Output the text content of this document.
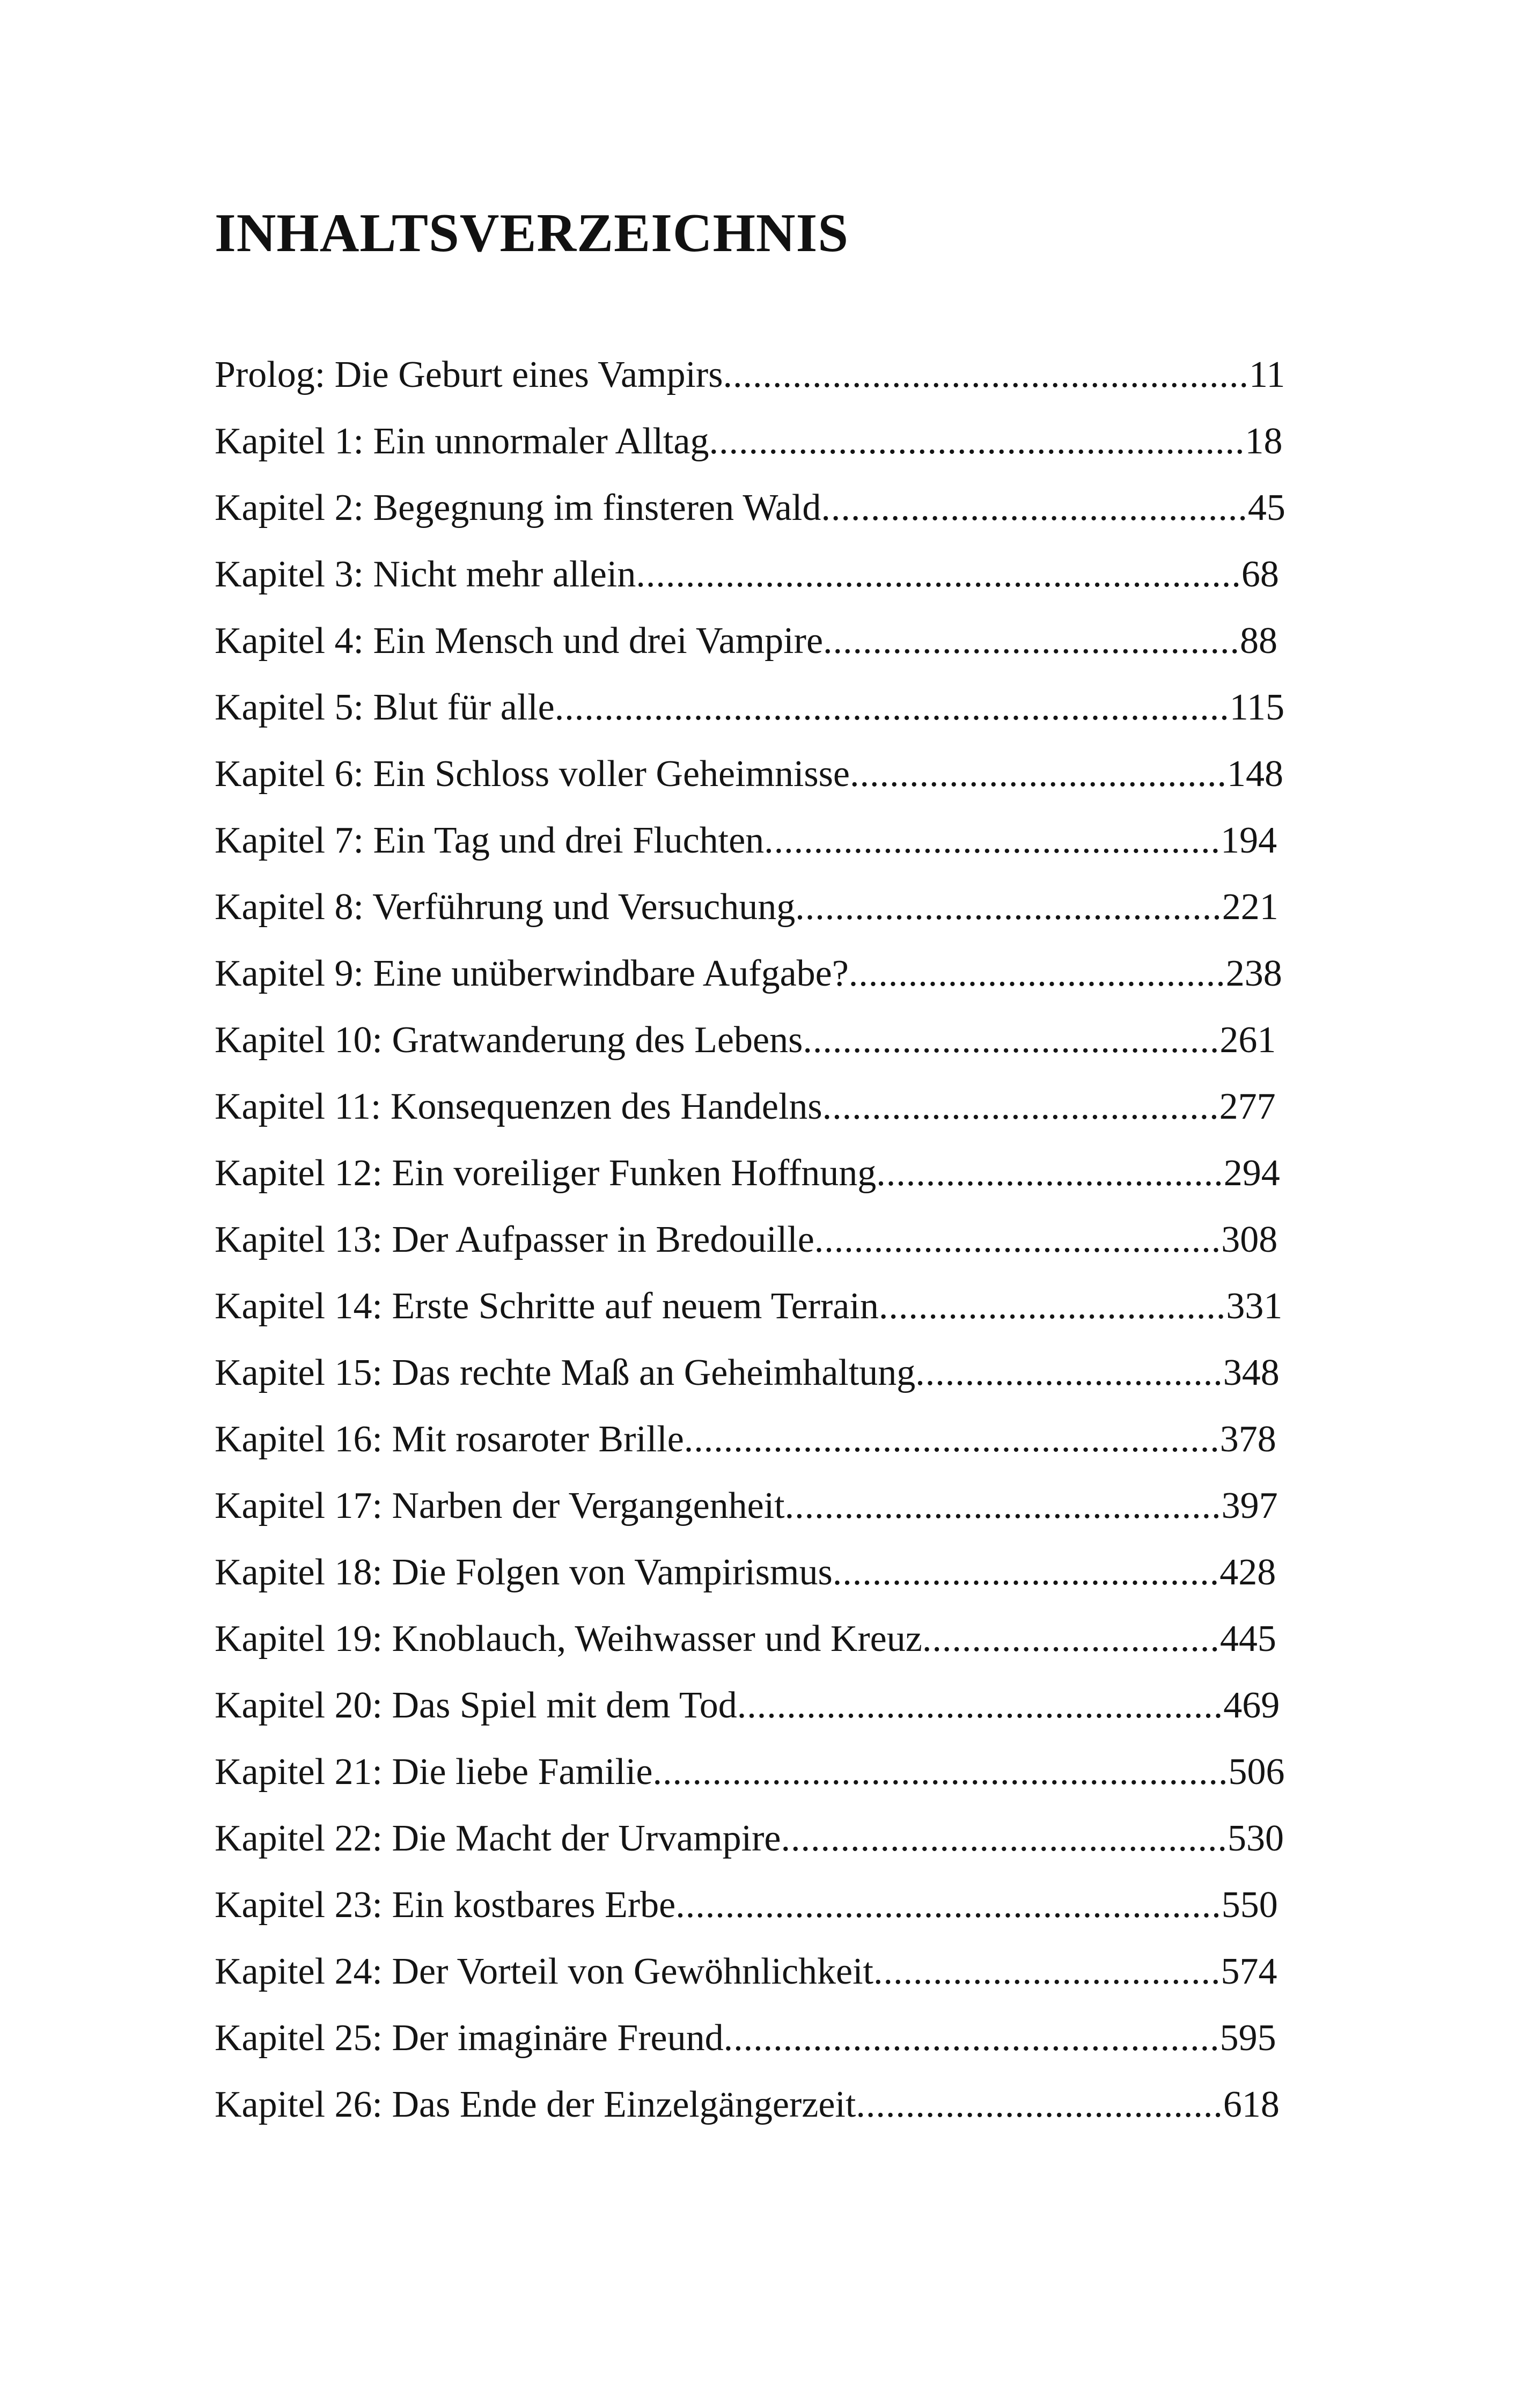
INHALTSVERZEICHNIS
Prolog: Die Geburt eines Vampirs ..................................................... 11
Kapitel 1: Ein unnormaler Alltag ...................................................... 18
Kapitel 2: Begegnung im finsteren Wald ........................................... 45
Kapitel 3: Nicht mehr allein ............................................................. 68
Kapitel 4: Ein Mensch und drei Vampire .......................................... 88
Kapitel 5: Blut für alle .................................................................... 115
Kapitel 6: Ein Schloss voller Geheimnisse ...................................... 148
Kapitel 7: Ein Tag und drei Fluchten .............................................. 194
Kapitel 8: Verführung und Versuchung ........................................... 221
Kapitel 9: Eine unüberwindbare Aufgabe? ...................................... 238
Kapitel 10: Gratwanderung des Lebens .......................................... 261
Kapitel 11: Konsequenzen des Handelns ........................................ 277
Kapitel 12: Ein voreiliger Funken Hoffnung ................................... 294
Kapitel 13: Der Aufpasser in Bredouille ......................................... 308
Kapitel 14: Erste Schritte auf neuem Terrain ................................... 331
Kapitel 15: Das rechte Maß an Geheimhaltung ............................... 348
Kapitel 16: Mit rosaroter Brille ...................................................... 378
Kapitel 17: Narben der Vergangenheit ............................................ 397
Kapitel 18: Die Folgen von Vampirismus ....................................... 428
Kapitel 19: Knoblauch, Weihwasser und Kreuz .............................. 445
Kapitel 20: Das Spiel mit dem Tod ................................................. 469
Kapitel 21: Die liebe Familie .......................................................... 506
Kapitel 22: Die Macht der Urvampire ............................................. 530
Kapitel 23: Ein kostbares Erbe ....................................................... 550
Kapitel 24: Der Vorteil von Gewöhnlichkeit ................................... 574
Kapitel 25: Der imaginäre Freund .................................................. 595
Kapitel 26: Das Ende der Einzelgängerzeit ..................................... 618
